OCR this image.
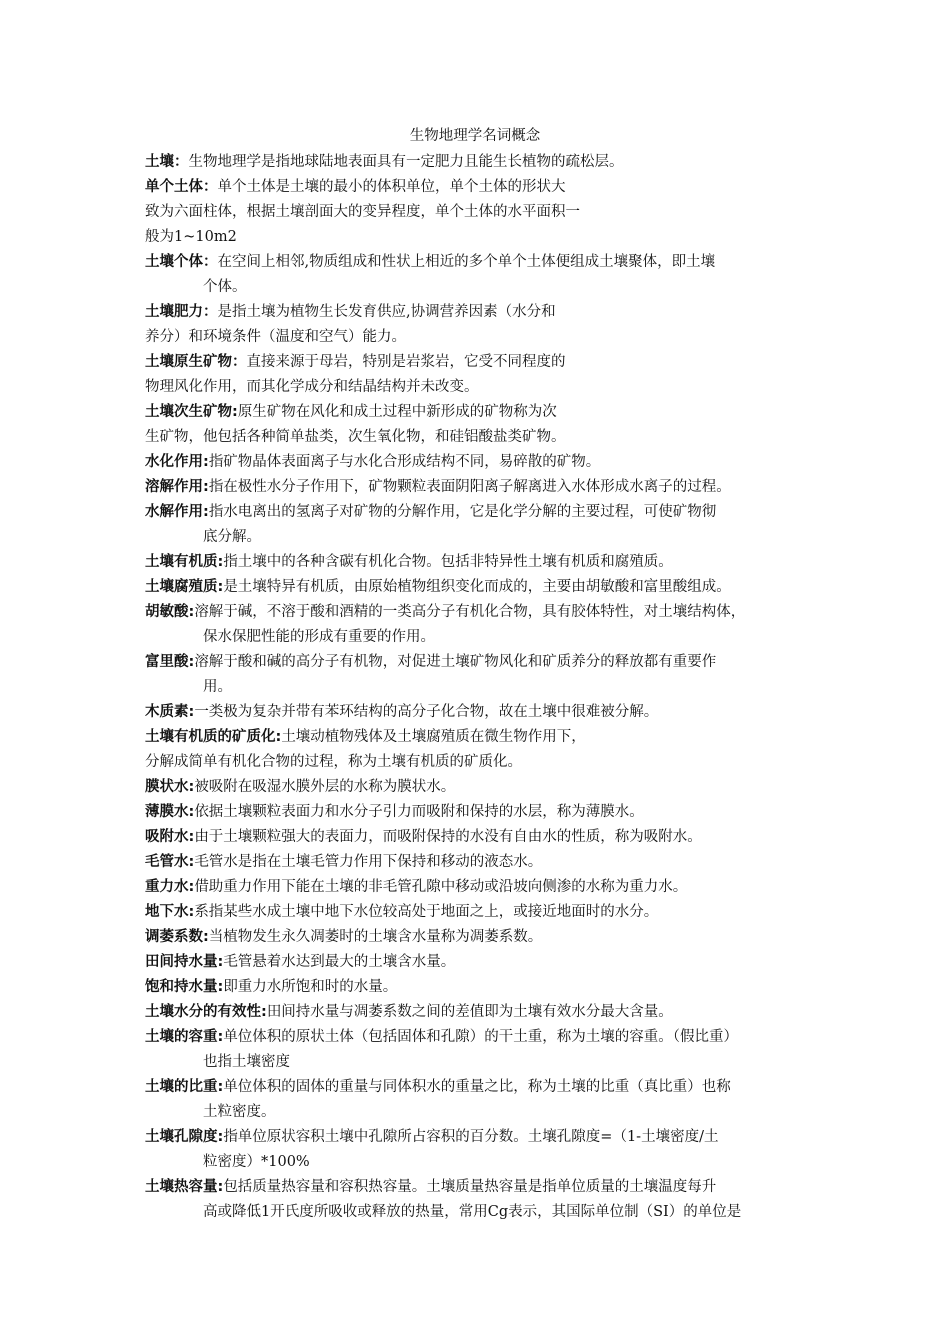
生物地理学名词概念
土壤：生物地理学是指地球陆地表面具有一定肥力且能生长植物的疏松层。
单个土体：单个土体是土壤的最小的体积单位，单个土体的形状大
致为六面柱体，根据土壤剖面大的变异程度，单个土体的水平面积一
般为1~10m2
土壤个体：在空间上相邻,物质组成和性状上相近的多个单个土体便组成土壤聚体，即土壤
个体。
土壤肥力：是指土壤为植物生长发育供应,协调营养因素（水分和
养分）和环境条件（温度和空气）能力。
土壤原生矿物：直接来源于母岩，特别是岩浆岩，它受不同程度的
物理风化作用，而其化学成分和结晶结构并未改变。
土壤次生矿物:原生矿物在风化和成土过程中新形成的矿物称为次
生矿物，他包括各种简单盐类，次生氧化物，和硅铝酸盐类矿物。
水化作用:指矿物晶体表面离子与水化合形成结构不同，易碎散的矿物。
溶解作用:指在极性水分子作用下，矿物颗粒表面阴阳离子解离进入水体形成水离子的过程。
水解作用:指水电离出的氢离子对矿物的分解作用，它是化学分解的主要过程，可使矿物彻
底分解。
土壤有机质:指土壤中的各种含碳有机化合物。包括非特异性土壤有机质和腐殖质。
土壤腐殖质:是土壤特异有机质，由原始植物组织变化而成的，主要由胡敏酸和富里酸组成。
胡敏酸:溶解于碱，不溶于酸和酒精的一类高分子有机化合物，具有胶体特性，对土壤结构体，
保水保肥性能的形成有重要的作用。
富里酸:溶解于酸和碱的高分子有机物，对促进土壤矿物风化和矿质养分的释放都有重要作
用。
木质素:一类极为复杂并带有苯环结构的高分子化合物，故在土壤中很难被分解。
土壤有机质的矿质化:土壤动植物残体及土壤腐殖质在微生物作用下，
分解成简单有机化合物的过程，称为土壤有机质的矿质化。
膜状水:被吸附在吸湿水膜外层的水称为膜状水。
薄膜水:依据土壤颗粒表面力和水分子引力而吸附和保持的水层，称为薄膜水。
吸附水:由于土壤颗粒强大的表面力，而吸附保持的水没有自由水的性质，称为吸附水。
毛管水:毛管水是指在土壤毛管力作用下保持和移动的液态水。
重力水:借助重力作用下能在土壤的非毛管孔隙中移动或沿坡向侧渗的水称为重力水。
地下水:系指某些水成土壤中地下水位较高处于地面之上，或接近地面时的水分。
调萎系数:当植物发生永久凋萎时的土壤含水量称为凋萎系数。
田间持水量:毛管悬着水达到最大的土壤含水量。
饱和持水量:即重力水所饱和时的水量。
土壤水分的有效性:田间持水量与凋萎系数之间的差值即为土壤有效水分最大含量。
土壤的容重:单位体积的原状土体（包括固体和孔隙）的干土重，称为土壤的容重。（假比重）
也指土壤密度
土壤的比重:单位体积的固体的重量与同体积水的重量之比，称为土壤的比重（真比重）也称
土粒密度。
土壤孔隙度:指单位原状容积土壤中孔隙所占容积的百分数。土壤孔隙度=（1-土壤密度/土
粒密度）*100%
土壤热容量:包括质量热容量和容积热容量。土壤质量热容量是指单位质量的土壤温度每升
高或降低1开氏度所吸收或释放的热量，常用Cg表示，其国际单位制（SI）的单位是
